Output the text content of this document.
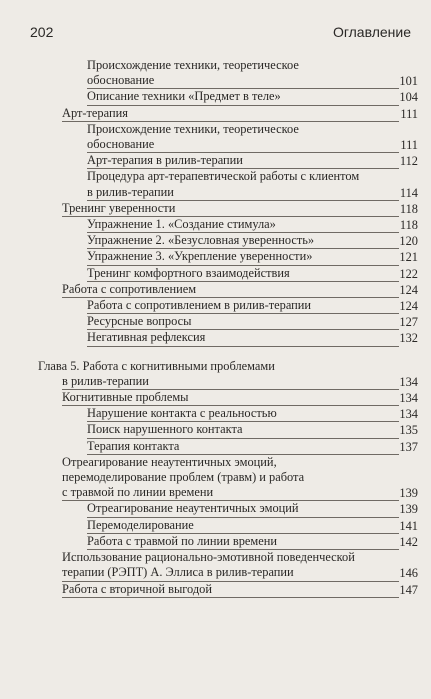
202	Оглавление
Происхождение техники, теоретическое
обоснование	101
Описание техники «Предмет в теле»	104
Арт-терапия	111
Происхождение техники, теоретическое
обоснование	111
Арт-терапия в рилив-терапии	112
Процедура арт-терапевтической работы с клиентом
в рилив-терапии	114
Тренинг уверенности	118
Упражнение 1. «Создание стимула»	118
Упражнение 2. «Безусловная уверенность»	120
Упражнение 3. «Укрепление уверенности»	121
Тренинг комфортного взаимодействия	122
Работа с сопротивлением	124
Работа с сопротивлением в рилив-терапии	124
Ресурсные вопросы	127
Негативная рефлексия	132
Глава 5. Работа с когнитивными проблемами
в рилив-терапии	134
Когнитивные проблемы	134
Нарушение контакта с реальностью	134
Поиск нарушенного контакта	135
Терапия контакта	137
Отреагирование неаутентичных эмоций,
перемоделирование проблем (травм) и работа
с травмой по линии времени	139
Отреагирование неаутентичных эмоций	139
Перемоделирование	141
Работа с травмой по линии времени	142
Использование рационально-эмотивной поведенческой
терапии (РЭПТ) А. Эллиса в рилив-терапии	146
Работа с вторичной выгодой	147
